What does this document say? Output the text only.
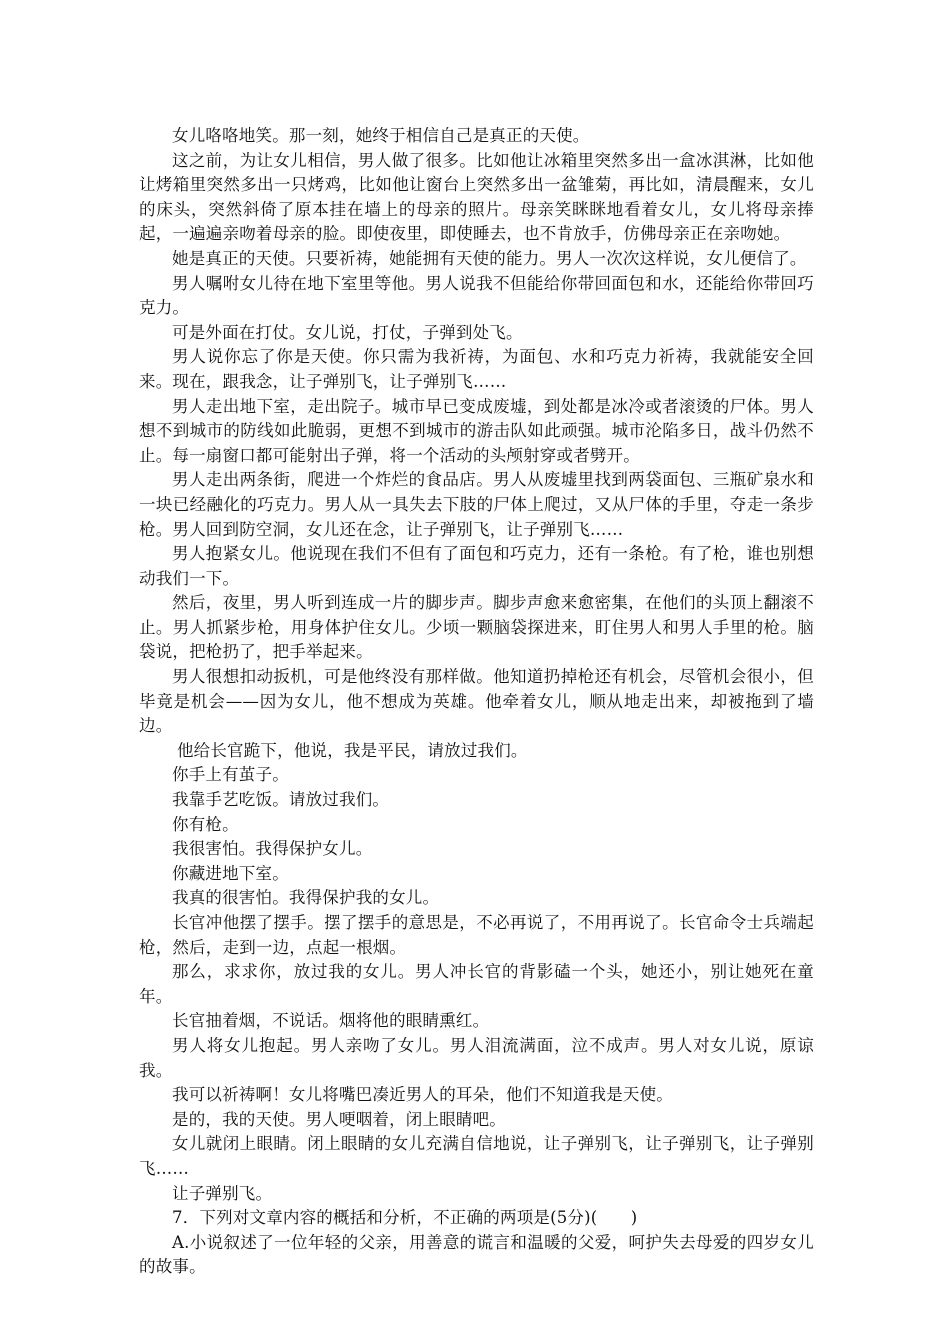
女儿咯咯地笑。那一刻，她终于相信自己是真正的天使。

这之前，为让女儿相信，男人做了很多。比如他让冰箱里突然多出一盒冰淇淋，比如他让烤箱里突然多出一只烤鸡，比如他让窗台上突然多出一盆雏菊，再比如，清晨醒来，女儿的床头，突然斜倚了原本挂在墙上的母亲的照片。母亲笑眯眯地看着女儿，女儿将母亲捧起，一遍遍亲吻着母亲的脸。即使夜里，即使睡去，也不肯放手，仿佛母亲正在亲吻她。

她是真正的天使。只要祈祷，她能拥有天使的能力。男人一次次这样说，女儿便信了。

男人嘱咐女儿待在地下室里等他。男人说我不但能给你带回面包和水，还能给你带回巧克力。

可是外面在打仗。女儿说，打仗，子弹到处飞。

男人说你忘了你是天使。你只需为我祈祷，为面包、水和巧克力祈祷，我就能安全回来。现在，跟我念，让子弹别飞，让子弹别飞……

男人走出地下室，走出院子。城市早已变成废墟，到处都是冰冷或者滚烫的尸体。男人想不到城市的防线如此脆弱，更想不到城市的游击队如此顽强。城市沦陷多日，战斗仍然不止。每一扇窗口都可能射出子弹，将一个活动的头颅射穿或者劈开。

男人走出两条街，爬进一个炸烂的食品店。男人从废墟里找到两袋面包、三瓶矿泉水和一块已经融化的巧克力。男人从一具失去下肢的尸体上爬过，又从尸体的手里，夺走一条步枪。男人回到防空洞，女儿还在念，让子弹别飞，让子弹别飞……

男人抱紧女儿。他说现在我们不但有了面包和巧克力，还有一条枪。有了枪，谁也别想动我们一下。

然后，夜里，男人听到连成一片的脚步声。脚步声愈来愈密集，在他们的头顶上翻滚不止。男人抓紧步枪，用身体护住女儿。少顷一颗脑袋探进来，盯住男人和男人手里的枪。脑袋说，把枪扔了，把手举起来。

男人很想扣动扳机，可是他终没有那样做。他知道扔掉枪还有机会，尽管机会很小，但毕竟是机会——因为女儿，他不想成为英雄。他牵着女儿，顺从地走出来，却被拖到了墙边。

他给长官跪下，他说，我是平民，请放过我们。

你手上有茧子。

我靠手艺吃饭。请放过我们。

你有枪。

我很害怕。我得保护女儿。

你藏进地下室。

我真的很害怕。我得保护我的女儿。

长官冲他摆了摆手。摆了摆手的意思是，不必再说了，不用再说了。长官命令士兵端起枪，然后，走到一边，点起一根烟。

那么，求求你，放过我的女儿。男人冲长官的背影磕一个头，她还小，别让她死在童年。

长官抽着烟，不说话。烟将他的眼睛熏红。

男人将女儿抱起。男人亲吻了女儿。男人泪流满面，泣不成声。男人对女儿说，原谅我。

我可以祈祷啊！女儿将嘴巴凑近男人的耳朵，他们不知道我是天使。

是的，我的天使。男人哽咽着，闭上眼睛吧。

女儿就闭上眼睛。闭上眼睛的女儿充满自信地说，让子弹别飞，让子弹别飞，让子弹别飞……

让子弹别飞。

7．下列对文章内容的概括和分析，不正确的两项是(5分)(　　)

A.小说叙述了一位年轻的父亲，用善意的谎言和温暖的父爱，呵护失去母爱的四岁女儿的故事。
